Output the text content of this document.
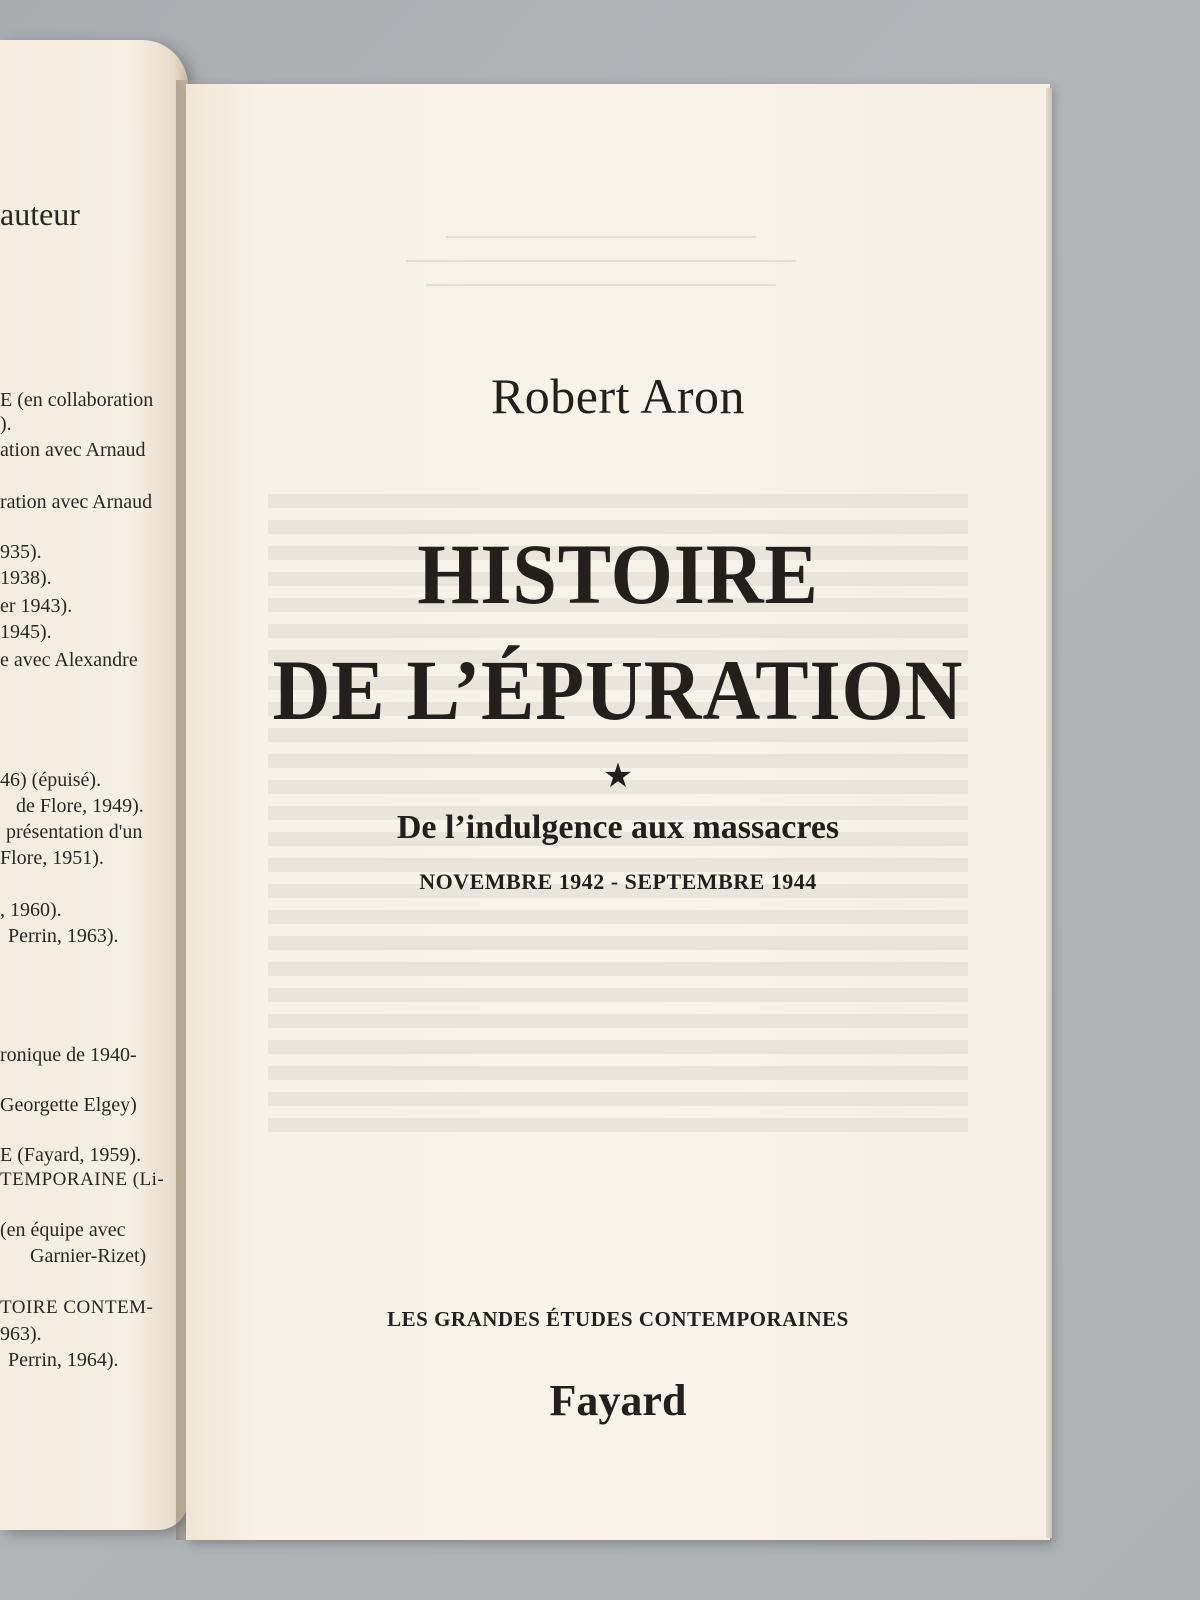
auteur
E (en collaboration
).
ation avec Arnaud
ration avec Arnaud
935).
1938).
er 1943).
1945).
e avec Alexandre
46) (épuisé).
de Flore, 1949).
présentation d'un
Flore, 1951).
, 1960).
Perrin, 1963).
ronique de 1940-
Georgette Elgey)
E (Fayard, 1959).
TEMPORAINE (Li-
(en équipe avec
Garnier-Rizet)
TOIRE CONTEM-
963).
Perrin, 1964).
Robert Aron
HISTOIRE
DE L’ÉPURATION
★
De l’indulgence aux massacres
NOVEMBRE 1942 - SEPTEMBRE 1944
LES GRANDES ÉTUDES CONTEMPORAINES
Fayard
